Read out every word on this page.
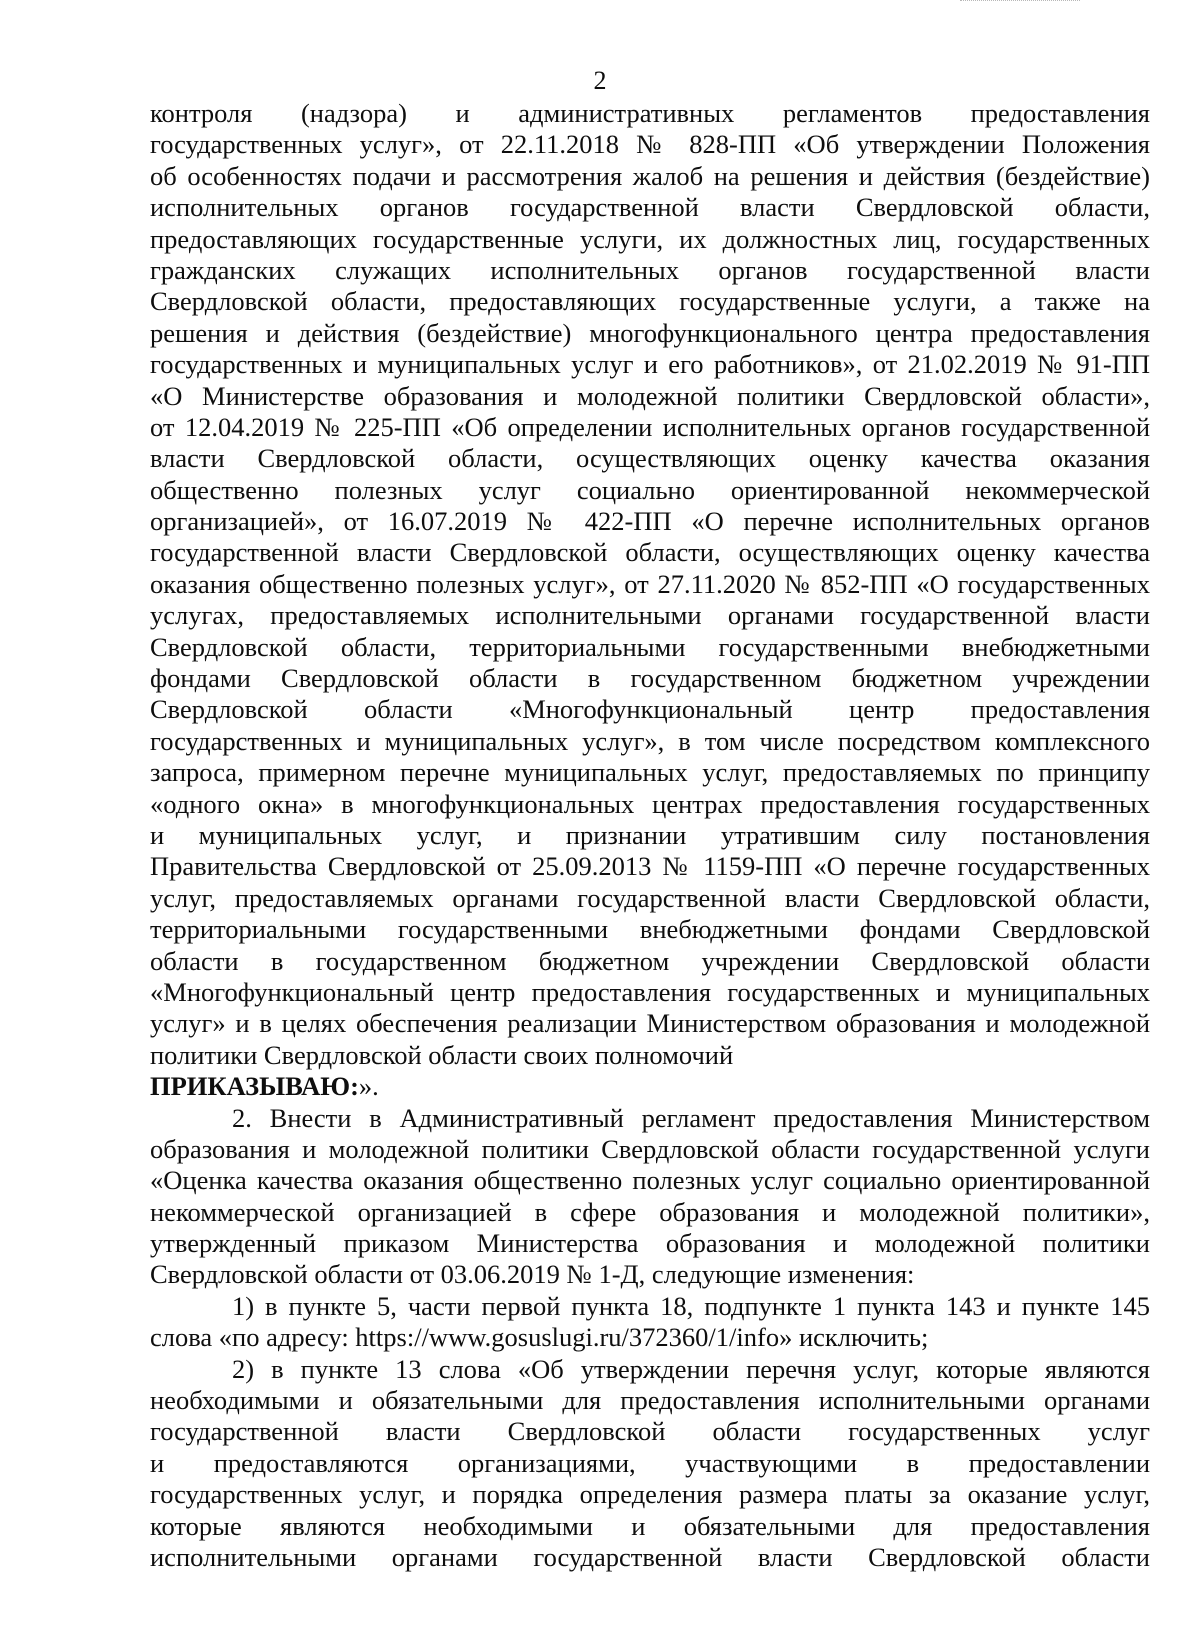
2
контроля (надзора) и административных регламентов предоставления
государственных услуг», от 22.11.2018 № 828-ПП «Об утверждении Положения
об особенностях подачи и рассмотрения жалоб на решения и действия (бездействие)
исполнительных органов государственной власти Свердловской области,
предоставляющих государственные услуги, их должностных лиц, государственных
гражданских служащих исполнительных органов государственной власти
Свердловской области, предоставляющих государственные услуги, а также на
решения и действия (бездействие) многофункционального центра предоставления
государственных и муниципальных услуг и его работников», от 21.02.2019 № 91-ПП
«О Министерстве образования и молодежной политики Свердловской области»,
от 12.04.2019 № 225-ПП «Об определении исполнительных органов государственной
власти Свердловской области, осуществляющих оценку качества оказания
общественно полезных услуг социально ориентированной некоммерческой
организацией», от 16.07.2019 № 422-ПП «О перечне исполнительных органов
государственной власти Свердловской области, осуществляющих оценку качества
оказания общественно полезных услуг», от 27.11.2020 № 852-ПП «О государственных
услугах, предоставляемых исполнительными органами государственной власти
Свердловской области, территориальными государственными внебюджетными
фондами Свердловской области в государственном бюджетном учреждении
Свердловской области «Многофункциональный центр предоставления
государственных и муниципальных услуг», в том числе посредством комплексного
запроса, примерном перечне муниципальных услуг, предоставляемых по принципу
«одного окна» в многофункциональных центрах предоставления государственных
и муниципальных услуг, и признании утратившим силу постановления
Правительства Свердловской от 25.09.2013 № 1159-ПП «О перечне государственных
услуг, предоставляемых органами государственной власти Свердловской области,
территориальными государственными внебюджетными фондами Свердловской
области в государственном бюджетном учреждении Свердловской области
«Многофункциональный центр предоставления государственных и муниципальных
услуг» и в целях обеспечения реализации Министерством образования и молодежной
политики Свердловской области своих полномочий
ПРИКАЗЫВАЮ:».
2. Внести в Административный регламент предоставления Министерством
образования и молодежной политики Свердловской области государственной услуги
«Оценка качества оказания общественно полезных услуг социально ориентированной
некоммерческой организацией в сфере образования и молодежной политики»,
утвержденный приказом Министерства образования и молодежной политики
Свердловской области от 03.06.2019 № 1-Д, следующие изменения:
1) в пункте 5, части первой пункта 18, подпункте 1 пункта 143 и пункте 145
слова «по адресу: https://www.gosuslugi.ru/372360/1/info» исключить;
2) в пункте 13 слова «Об утверждении перечня услуг, которые являются
необходимыми и обязательными для предоставления исполнительными органами
государственной власти Свердловской области государственных услуг
и предоставляются организациями, участвующими в предоставлении
государственных услуг, и порядка определения размера платы за оказание услуг,
которые являются необходимыми и обязательными для предоставления
исполнительными органами государственной власти Свердловской области
